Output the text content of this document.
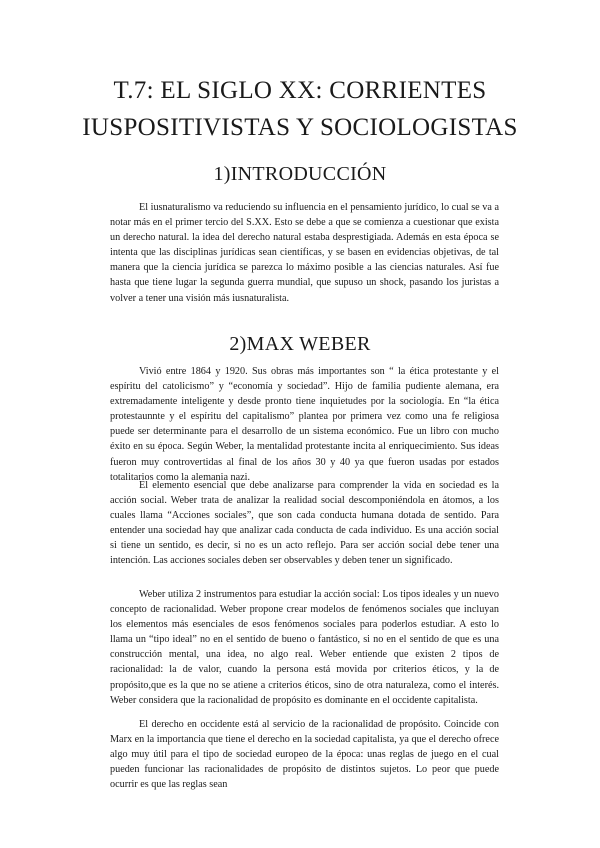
T.7: EL SIGLO XX: CORRIENTES IUSPOSITIVISTAS Y SOCIOLOGISTAS
1)INTRODUCCIÓN

El iusnaturalismo va reduciendo su influencia en el pensamiento jurídico, lo cual se va a notar más en el primer tercio del S.XX. Esto se debe a que se comienza a cuestionar que exista un derecho natural. la idea del derecho natural estaba desprestigiada. Además en esta época se intenta que las disciplinas jurídicas sean científicas, y se basen en evidencias objetivas, de tal manera que la ciencia jurídica se parezca lo máximo posible a las ciencias naturales. Así fue hasta que tiene lugar la segunda guerra mundial, que supuso un shock, pasando los juristas a volver a tener una visión más iusnaturalista.

2)MAX WEBER

Vivió entre 1864 y 1920. Sus obras más importantes son “ la ética protestante y el espíritu del catolicismo” y “economía y sociedad”. Hijo de familia pudiente alemana, era extremadamente inteligente y desde pronto tiene inquietudes por la sociología. En “la ética protestaunnte y el espíritu del capitalismo” plantea por primera vez como una fe religiosa puede ser determinante para el desarrollo de un sistema económico. Fue un libro con mucho éxito en su época. Según Weber, la mentalidad protestante incita al enriquecimiento. Sus ideas fueron muy controvertidas al final de los años 30 y 40 ya que fueron usadas por estados totalitarios como la alemania nazi.

El elemento esencial que debe analizarse para comprender la vida en sociedad es la acción social. Weber trata de analizar la realidad social descomponiéndola en átomos, a los cuales llama “Acciones sociales”, que son cada conducta humana dotada de sentido. Para entender una sociedad hay que analizar cada conducta de cada individuo. Es una acción social si tiene un sentido, es decir, si no es un acto reflejo. Para ser acción social debe tener una intención. Las acciones sociales deben ser observables y deben tener un significado.

Weber utiliza 2 instrumentos para estudiar la acción social: Los tipos ideales y un nuevo concepto de racionalidad. Weber propone crear modelos de fenómenos sociales que incluyan los elementos más esenciales de esos fenómenos sociales para poderlos estudiar. A esto lo llama un “tipo ideal” no en el sentido de bueno o fantástico, si no en el sentido de que es una construcción mental, una idea, no algo real. Weber entiende que existen 2 tipos de racionalidad: la de valor, cuando la persona está movida por criterios éticos, y la de propósito,que es la que no se atiene a criterios éticos, sino de otra naturaleza, como el interés. Weber considera que la racionalidad de propósito es dominante en el occidente capitalista.

El derecho en occidente está al servicio de la racionalidad de propósito. Coincide con Marx en la importancia que tiene el derecho en la sociedad capitalista, ya que el derecho ofrece algo muy útil para el tipo de sociedad europeo de la época: unas reglas de juego en el cual pueden funcionar las racionalidades de propósito de distintos sujetos. Lo peor que puede ocurrir es que las reglas sean
